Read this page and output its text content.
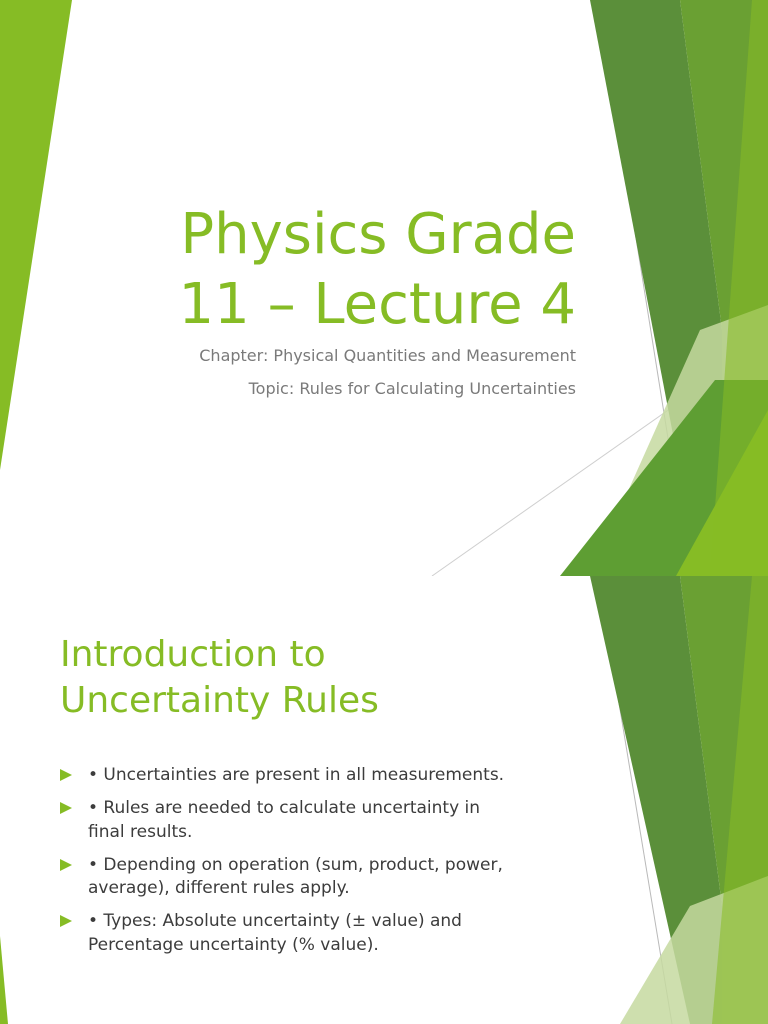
Physics Grade
11 – Lecture 4

Chapter: Physical Quantities and Measurement

Topic: Rules for Calculating Uncertainties

Introduction to
Uncertainty Rules
• Uncertainties are present in all measurements.
• Rules are needed to calculate uncertainty in
final results.
• Depending on operation (sum, product, power,
average), different rules apply.
• Types: Absolute uncertainty (± value) and
Percentage uncertainty (% value).
